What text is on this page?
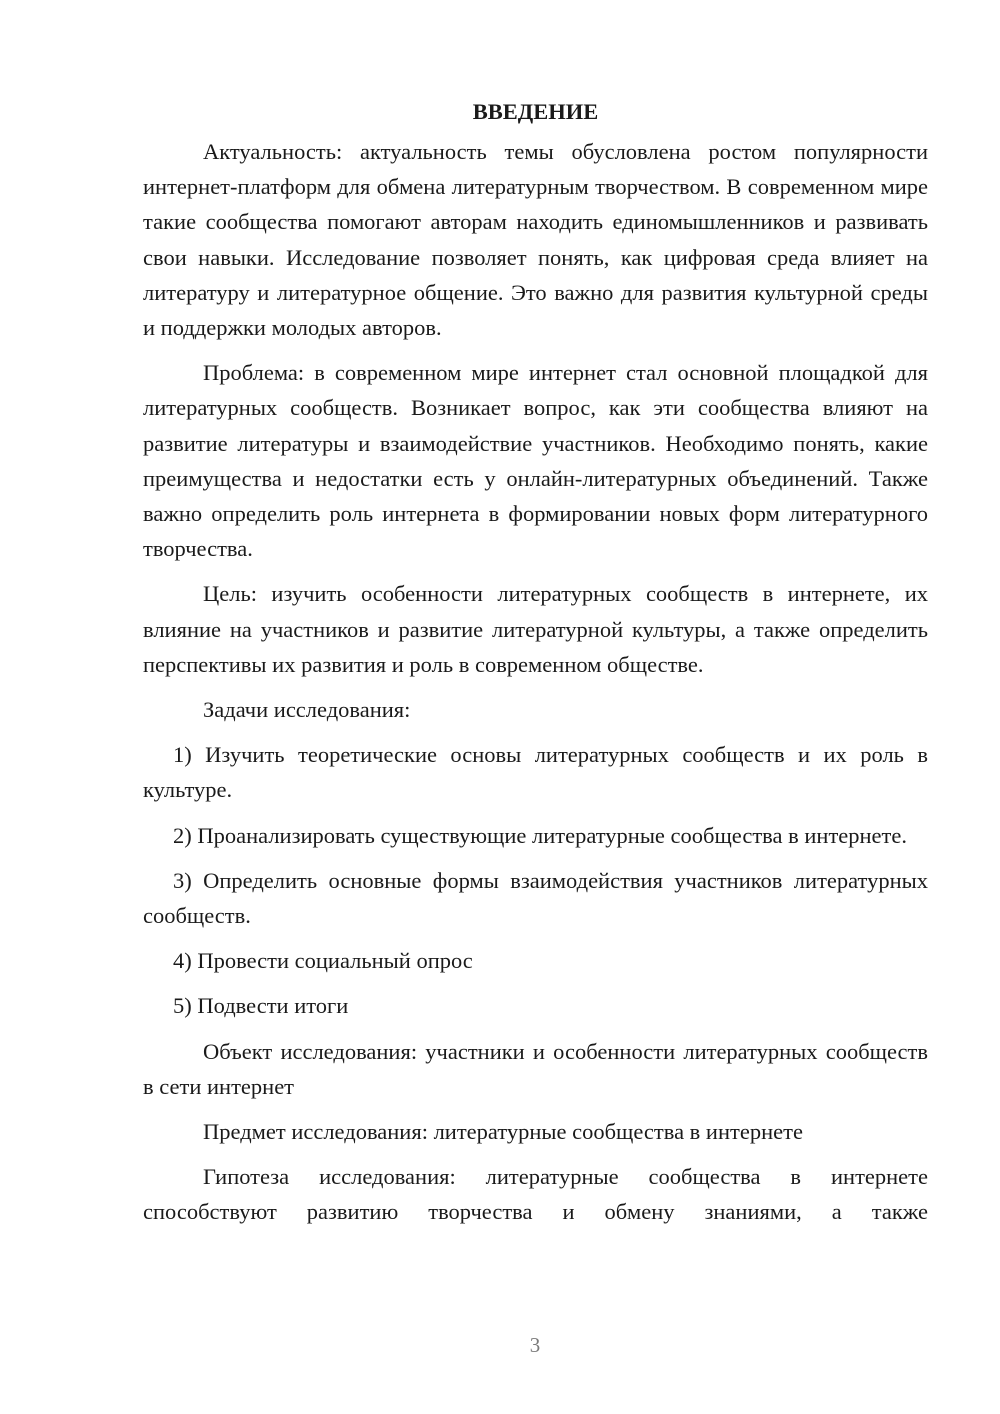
ВВЕДЕНИЕ

Актуальность: актуальность темы обусловлена ростом популярности интернет-платформ для обмена литературным творчеством. В современном мире такие сообщества помогают авторам находить единомышленников и развивать свои навыки. Исследование позволяет понять, как цифровая среда влияет на литературу и литературное общение. Это важно для развития культурной среды и поддержки молодых авторов.

Проблема: в современном мире интернет стал основной площадкой для литературных сообществ. Возникает вопрос, как эти сообщества влияют на развитие литературы и взаимодействие участников. Необходимо понять, какие преимущества и недостатки есть у онлайн-литературных объединений. Также важно определить роль интернета в формировании новых форм литературного творчества.

Цель: изучить особенности литературных сообществ в интернете, их влияние на участников и развитие литературной культуры, а также определить перспективы их развития и роль в современном обществе.

Задачи исследования:

1) Изучить теоретические основы литературных сообществ и их роль в культуре.

2) Проанализировать существующие литературные сообщества в интернете.

3) Определить основные формы взаимодействия участников литературных сообществ.

4) Провести социальный опрос

5) Подвести итоги

Объект исследования: участники и особенности литературных сообществ в сети интернет

Предмет исследования: литературные сообщества в интернете

Гипотеза исследования: литературные сообщества в интернете способствуют развитию творчества и обмену знаниями, а также

3
